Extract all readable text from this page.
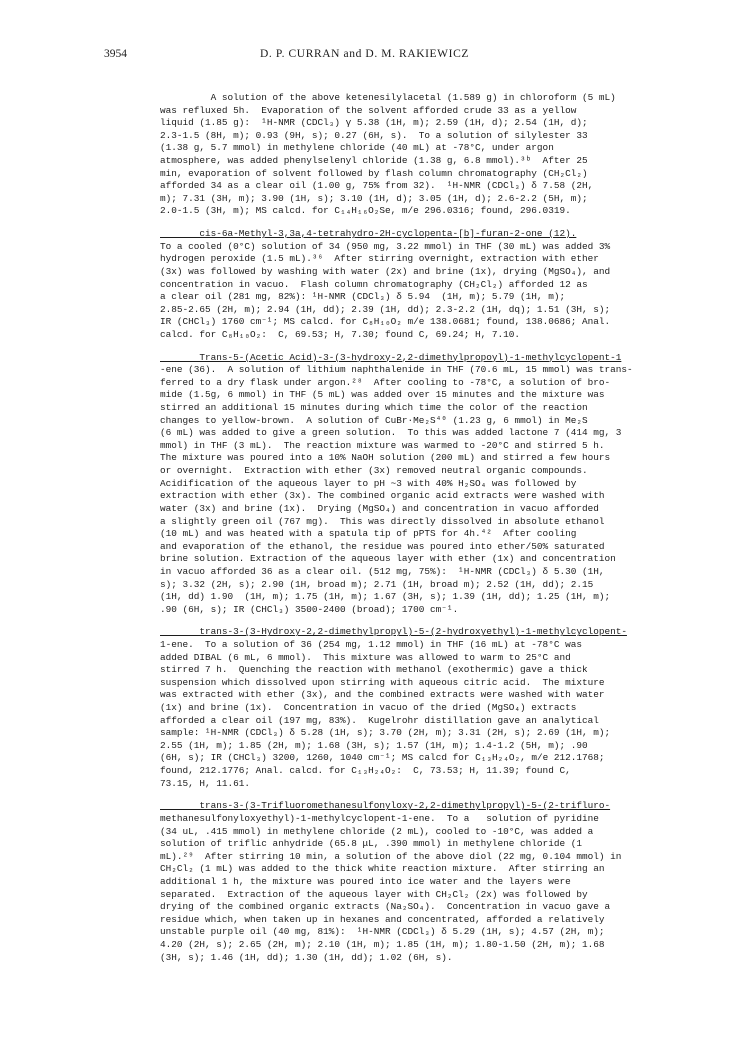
3954	D. P. CURRAN and D. M. RAKIEWICZ
A solution of the above ketenesilylacetal (1.589 g) in chloroform (5 mL)
was refluxed 5h.  Evaporation of the solvent afforded crude 33 as a yellow
liquid (1.85 g):  ¹H-NMR (CDCl₃) γ 5.38 (1H, m); 2.59 (1H, d); 2.54 (1H, d);
2.3-1.5 (8H, m); 0.93 (9H, s); 0.27 (6H, s).  To a solution of silylester 33
(1.38 g, 5.7 mmol) in methylene chloride (40 mL) at -78°C, under argon
atmosphere, was added phenylselenyl chloride (1.38 g, 6.8 mmol).³ᵇ  After 25
min, evaporation of solvent followed by flash column chromatography (CH₂Cl₂)
afforded 34 as a clear oil (1.00 g, 75% from 32).  ¹H-NMR (CDCl₃) δ 7.58 (2H,
m); 7.31 (3H, m); 3.90 (1H, s); 3.10 (1H, d); 3.05 (1H, d); 2.6-2.2 (5H, m);
2.0-1.5 (3H, m); MS calcd. for C₁₄H₁₆O₂Se, m/e 296.0316; found, 296.0319.
cis-6a-Methyl-3,3a,4-tetrahydro-2H-cyclopenta-[b]-furan-2-one (12).
To a cooled (0°C) solution of 34 (950 mg, 3.22 mmol) in THF (30 mL) was added 3%
hydrogen peroxide (1.5 mL).³⁶  After stirring overnight, extraction with ether
(3x) was followed by washing with water (2x) and brine (1x), drying (MgSO₄), and
concentration in vacuo.  Flash column chromatography (CH₂Cl₂) afforded 12 as
a clear oil (281 mg, 82%): ¹H-NMR (CDCl₃) δ 5.94  (1H, m); 5.79 (1H, m);
2.85-2.65 (2H, m); 2.94 (1H, dd); 2.39 (1H, dd); 2.3-2.2 (1H, dq); 1.51 (3H, s);
IR (CHCl₃) 1760 cm⁻¹; MS calcd. for C₈H₁₀O₂ m/e 138.0681; found, 138.0686; Anal.
calcd. for C₈H₁₀O₂:  C, 69.53; H, 7.30; found C, 69.24; H, 7.10.
Trans-5-(Acetic Acid)-3-(3-hydroxy-2,2-dimethylpropoyl)-1-methylcyclopent-1
-ene (36).  A solution of lithium naphthalenide in THF (70.6 mL, 15 mmol) was trans-
ferred to a dry flask under argon.²⁸  After cooling to -78°C, a solution of bro-
mide (1.5g, 6 mmol) in THF (5 mL) was added over 15 minutes and the mixture was
stirred an additional 15 minutes during which time the color of the reaction
changes to yellow-brown.  A solution of CuBr·Me₂S⁴⁰ (1.23 g, 6 mmol) in Me₂S
(6 mL) was added to give a green solution.  To this was added lactone 7 (414 mg, 3
mmol) in THF (3 mL).  The reaction mixture was warmed to -20°C and stirred 5 h.
The mixture was poured into a 10% NaOH solution (200 mL) and stirred a few hours
or overnight.  Extraction with ether (3x) removed neutral organic compounds.
Acidification of the aqueous layer to pH ~3 with 40% H₂SO₄ was followed by
extraction with ether (3x). The combined organic acid extracts were washed with
water (3x) and brine (1x).  Drying (MgSO₄) and concentration in vacuo afforded
a slightly green oil (767 mg).  This was directly dissolved in absolute ethanol
(10 mL) and was heated with a spatula tip of pPTS for 4h.⁴²  After cooling
and evaporation of the ethanol, the residue was poured into ether/50% saturated
brine solution. Extraction of the aqueous layer with ether (1x) and concentration
in vacuo afforded 36 as a clear oil. (512 mg, 75%):  ¹H-NMR (CDCl₃) δ 5.30 (1H,
s); 3.32 (2H, s); 2.90 (1H, broad m); 2.71 (1H, broad m); 2.52 (1H, dd); 2.15
(1H, dd) 1.90  (1H, m); 1.75 (1H, m); 1.67 (3H, s); 1.39 (1H, dd); 1.25 (1H, m);
.90 (6H, s); IR (CHCl₃) 3500-2400 (broad); 1700 cm⁻¹.
trans-3-(3-Hydroxy-2,2-dimethylpropyl)-5-(2-hydroxyethyl)-1-methylcyclopent-
1-ene.  To a solution of 36 (254 mg, 1.12 mmol) in THF (16 mL) at -78°C was
added DIBAL (6 mL, 6 mmol).  This mixture was allowed to warm to 25°C and
stirred 7 h.  Quenching the reaction with methanol (exothermic) gave a thick
suspension which dissolved upon stirring with aqueous citric acid.  The mixture
was extracted with ether (3x), and the combined extracts were washed with water
(1x) and brine (1x).  Concentration in vacuo of the dried (MgSO₄) extracts
afforded a clear oil (197 mg, 83%).  Kugelrohr distillation gave an analytical
sample: ¹H-NMR (CDCl₃) δ 5.28 (1H, s); 3.70 (2H, m); 3.31 (2H, s); 2.69 (1H, m);
2.55 (1H, m); 1.85 (2H, m); 1.68 (3H, s); 1.57 (1H, m); 1.4-1.2 (5H, m); .90
(6H, s); IR (CHCl₃) 3200, 1260, 1040 cm⁻¹; MS calcd for C₁₃H₂₄O₂, m/e 212.1768;
found, 212.1776; Anal. calcd. for C₁₃H₂₄O₂:  C, 73.53; H, 11.39; found C,
73.15, H, 11.61.
trans-3-(3-Trifluoromethanesulfonyloxy-2,2-dimethylpropyl)-5-(2-trifluro-
methanesulfonyloxyethyl)-1-methylcyclopent-1-ene.  To a   solution of pyridine
(34 uL, .415 mmol) in methylene chloride (2 mL), cooled to -10°C, was added a
solution of triflic anhydride (65.8 μL, .390 mmol) in methylene chloride (1
mL).²⁹  After stirring 10 min, a solution of the above diol (22 mg, 0.104 mmol) in
CH₂Cl₂ (1 mL) was added to the thick white reaction mixture.  After stirring an
additional 1 h, the mixture was poured into ice water and the layers were
separated.  Extraction of the aqueous layer with CH₂Cl₂ (2x) was followed by
drying of the combined organic extracts (Na₂SO₄).  Concentration in vacuo gave a
residue which, when taken up in hexanes and concentrated, afforded a relatively
unstable purple oil (40 mg, 81%):  ¹H-NMR (CDCl₃) δ 5.29 (1H, s); 4.57 (2H, m);
4.20 (2H, s); 2.65 (2H, m); 2.10 (1H, m); 1.85 (1H, m); 1.80-1.50 (2H, m); 1.68
(3H, s); 1.46 (1H, dd); 1.30 (1H, dd); 1.02 (6H, s).
